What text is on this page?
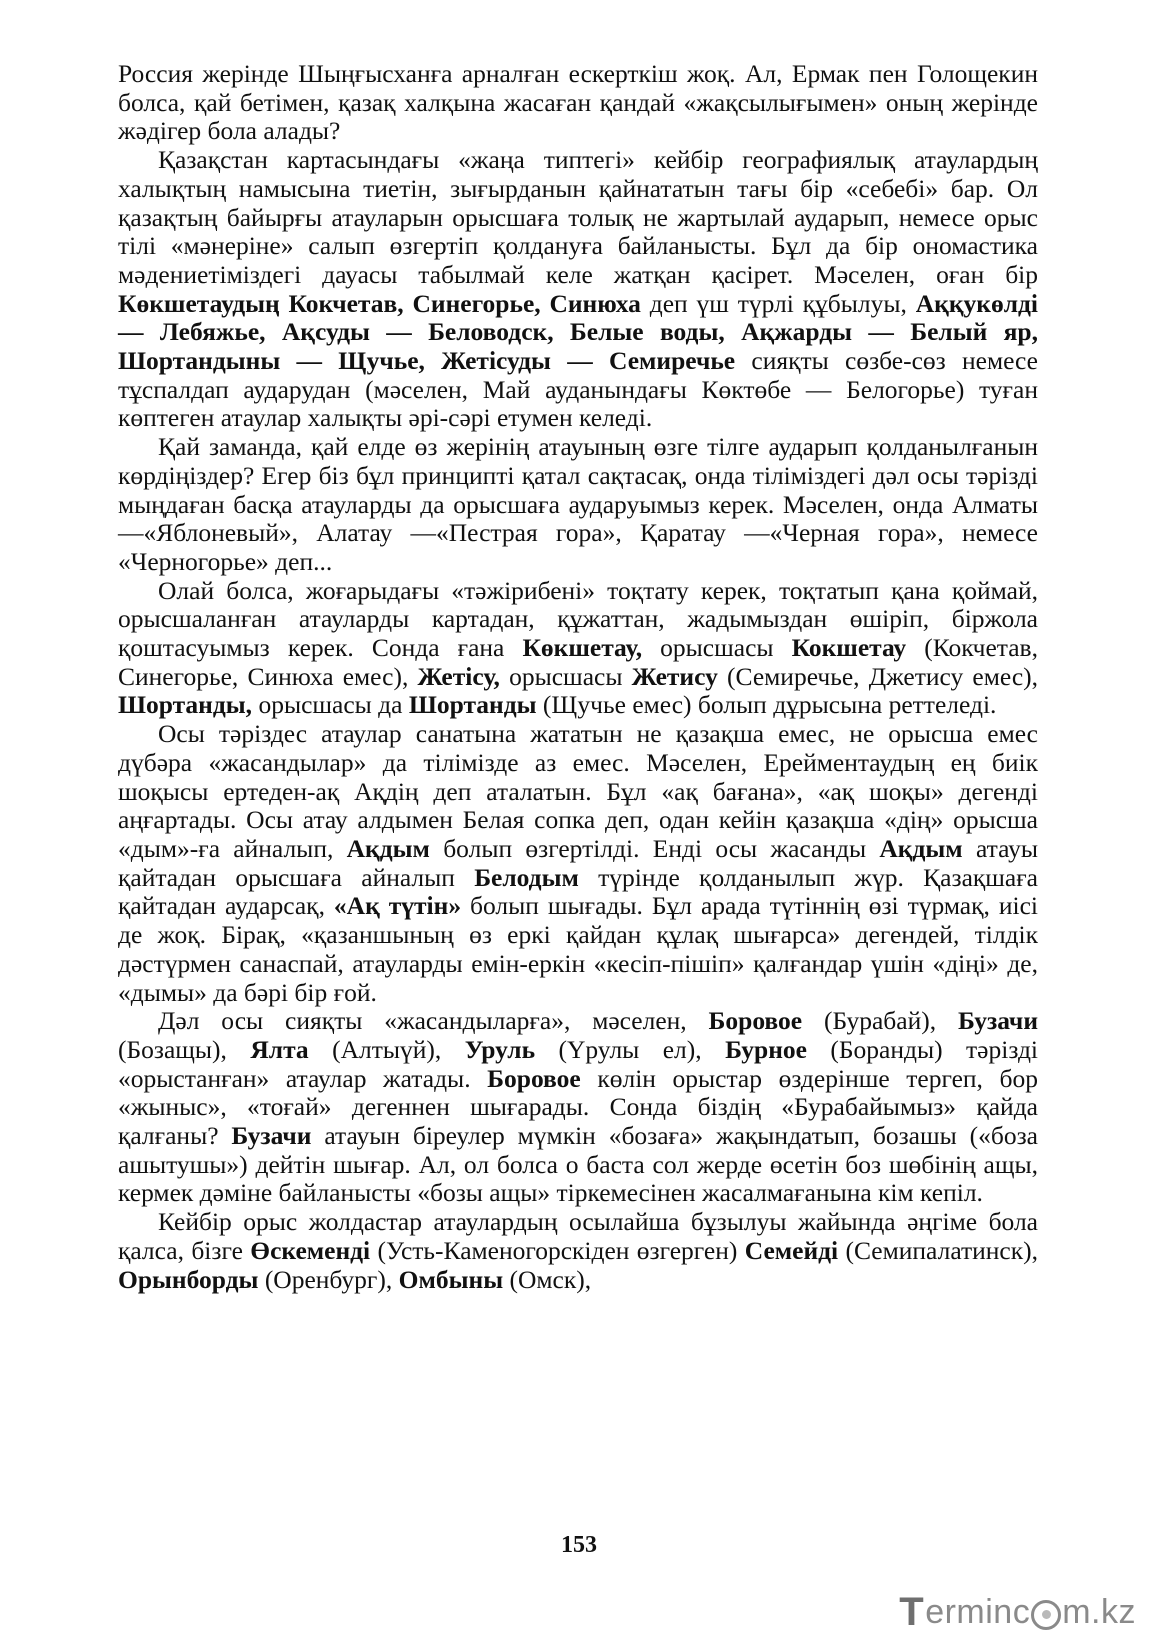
Россия жерінде Шыңғысханға арналған ескерткіш жоқ. Ал, Ермак пен Голощекин болса, қай бетімен, қазақ халқына жасаған қандай «жақсылығымен» оның жерінде жәдігер бола алады?

Қазақстан картасындағы «жаңа типтегі» кейбір географиялық атаулардың халықтың намысына тиетін, зығырданын қайнататын тағы бір «себебі» бар. Ол қазақтың байырғы атауларын орысшаға толық не жартылай аударып, немесе орыс тілі «мәнеріне» салып өзгертіп қолдануға байланысты. Бұл да бір ономастика мәдениетіміздегі дауасы табылмай келе жатқан қасірет. Мәселен, оған бір Көкшетаудың Кокчетав, Синегорье, Синюха деп үш түрлі құбылуы, Аққукөлді — Лебяжье, Ақсуды — Беловодск, Белые воды, Ақжарды — Белый яр, Шортандыны — Щучье, Жетісуды — Семиречье сияқты сөзбе-сөз немесе тұспалдап аударудан (мәселен, Май ауданындағы Көктөбе — Белогорье) туған көптеген атаулар халықты әрі-сәрі етумен келеді.

Қай заманда, қай елде өз жерінің атауының өзге тілге аударып қолданылғанын көрдіңіздер? Егер біз бұл принципті қатал сақтасақ, онда тіліміздегі дәл осы тәрізді мыңдаған басқа атауларды да орысшаға аударуымыз керек. Мәселен, онда Алматы —«Яблоневый», Алатау —«Пестрая гора», Қаратау —«Черная гора», немесе «Черногорье» деп...

Олай болса, жоғарыдағы «тәжірибені» тоқтату керек, тоқтатып қана қоймай, орысшаланған атауларды картадан, құжаттан, жадымыздан өшіріп, біржола қоштасуымыз керек. Сонда ғана Көкшетау, орысшасы Кокшетау (Кокчетав, Синегорье, Синюха емес), Жетісу, орысшасы Жетису (Семиречье, Джетису емес), Шортанды, орысшасы да Шортанды (Щучье емес) болып дұрысына реттеледі.

Осы тәріздес атаулар санатына жататын не қазақша емес, не орысша емес дүбәра «жасандылар» да тілімізде аз емес. Мәселен, Ерейментаудың ең биік шоқысы ертеден-ақ Ақдің деп аталатын. Бұл «ақ бағана», «ақ шоқы» дегенді аңғартады. Осы атау алдымен Белая сопка деп, одан кейін қазақша «дің» орысша «дым»-ға айналып, Ақдым болып өзгертілді. Енді осы жасанды Ақдым атауы қайтадан орысшаға айналып Белодым түрінде қолданылып жүр. Қазақшаға қайтадан аударсақ, «Ақ түтін» болып шығады. Бұл арада түтіннің өзі түрмақ, иісі де жоқ. Бірақ, «қазаншының өз еркі қайдан құлақ шығарса» дегендей, тілдік дәстүрмен санаспай, атауларды емін-еркін «кесіп-пішіп» қалғандар үшін «діңі» де, «дымы» да бәрі бір ғой.

Дәл осы сияқты «жасандыларға», мәселен, Боровое (Бурабай), Бузачи (Бозащы), Ялта (Алтыүй), Уруль (Үрулы ел), Бурное (Боранды) тәрізді «орыстанған» атаулар жатады. Боровое көлін орыстар өздерінше тергеп, бор «жыныс», «тоғай» дегеннен шығарады. Сонда біздің «Бурабайымыз» қайда қалғаны? Бузачи атауын біреулер мүмкін «бозаға» жақындатып, бозашы («боза ашытушы») дейтін шығар. Ал, ол болса о баста сол жерде өсетін боз шөбінің ащы, кермек дәміне байланысты «бозы ащы» тіркемесінен жасалмағанына кім кепіл.

Кейбір орыс жолдастар атаулардың осылайша бұзылуы жайында әңгіме бола қалса, бізге Өскеменді (Усть-Каменогорскіден өзгерген) Семейді (Семипалатинск), Орынборды (Оренбург), Омбыны (Омск),

153
T erminc m.kz
